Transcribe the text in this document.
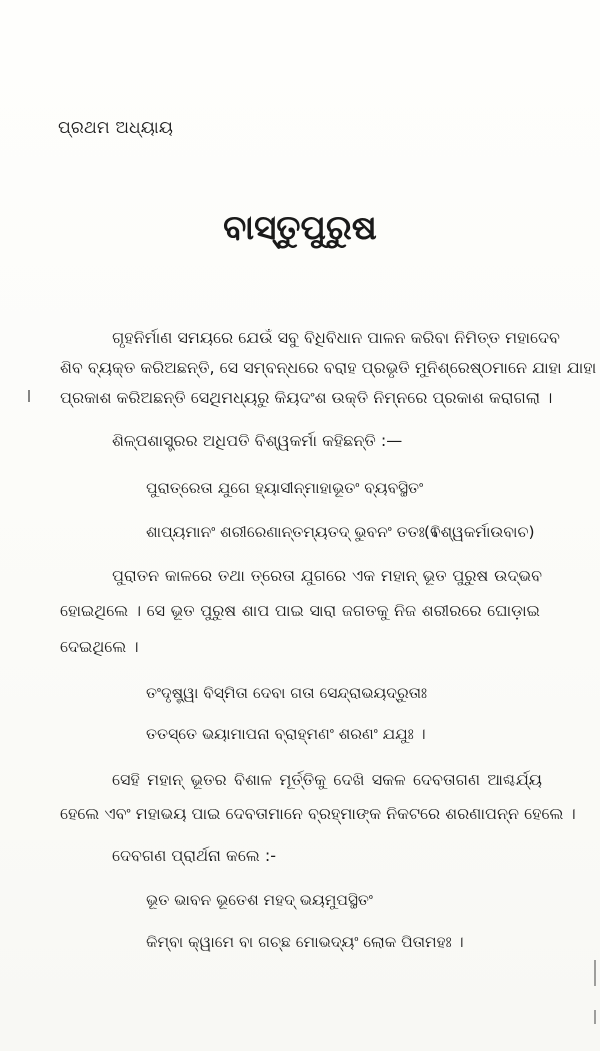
ପ୍ରଥମ ଅଧ୍ୟାୟ
ବାସ୍ତୁପୁରୁଷ
ଗୃହନିର୍ମାଣ ସମୟରେ ଯେଉଁ ସବୁ ବିଧିବିଧାନ ପାଳନ କରିବା ନିମିତ୍ତ ମହାଦେବ
ଶିବ ବ୍ୟକ୍ତ କରିଅଛନ୍ତି, ସେ ସମ୍ବନ୍ଧରେ ବରାହ ପ୍ରଭୃତି ମୁନିଶ୍ରେଷ୍ଠମାନେ ଯାହା ଯାହା
ପ୍ରକାଶ କରିଅଛନ୍ତି ସେଥିମଧ୍ୟରୁ କିୟଦଂଶ ଉକ୍ତି ନିମ୍ନରେ ପ୍ରକାଶ କରାଗଲା ।
ଶିଳ୍ପଶାସ୍ତ୍ରର ଅଧିପତି ବିଶ୍ୱକର୍ମା କହିଛନ୍ତି :—
ପୁରାତ୍ରେତା ଯୁଗେ ହ୍ୟାସୀନ୍ମାହାଭୂତଂ ବ୍ୟବସ୍ଥିତଂ
ଶାପ୍ୟମାନଂ ଶରୀରେଣାନ୍ତମ୍ୟତଦ୍ ଭୁବନଂ ତତଃ ।
(ବିଶ୍ୱକର୍ମାଉବାଚ)
ପୁରାତନ କାଳରେ ତଥା ତ୍ରେତା ଯୁଗରେ ଏକ ମହାନ୍ ଭୂତ ପୁରୁଷ ଉଦ୍ଭବ
ହୋଇଥିଲେ । ସେ ଭୂତ ପୁରୁଷ ଶାପ ପାଇ ସାରା ଜଗତକୁ ନିଜ ଶରୀରରେ ଘୋଡ଼ାଇ
ଦେଇଥିଲେ ।
ତଂଦୃଷ୍ଟ୍ୱା ବିସ୍ମିତା ଦେବା ଗତା ସେନ୍ଦ୍ରାଭୟଦ୍ରୁତାଃ
ତତସ୍ତେ ଭୟାମାପନା ବ୍ରାହ୍ମଣଂ ଶରଣଂ ଯଯୁଃ ।
ସେହି ମହାନ୍ ଭୂତର ବିଶାଳ ମୂର୍ତ୍ତିକୁ ଦେଖି ସକଳ ଦେବତାଗଣ ଆଶ୍ଚର୍ଯ୍ୟ
ହେଲେ ଏବଂ ମହାଭୟ ପାଇ ଦେବତାମାନେ ବ୍ରହ୍ମାଙ୍କ ନିକଟରେ ଶରଣାପନ୍ନ ହେଲେ ।
ଦେବଗଣ ପ୍ରାର୍ଥନା କଲେ :-
ଭୂତ ଭାବନ ଭୂତେଶ ମହଦ୍ ଭୟମୁପସ୍ଥିତଂ
କିମ୍ବା କ୍ୱାମେ ବା ଗଚ୍ଛ ମୋଭଦ୍ୟଂ ଲୋକ ପିତାମହଃ ।
